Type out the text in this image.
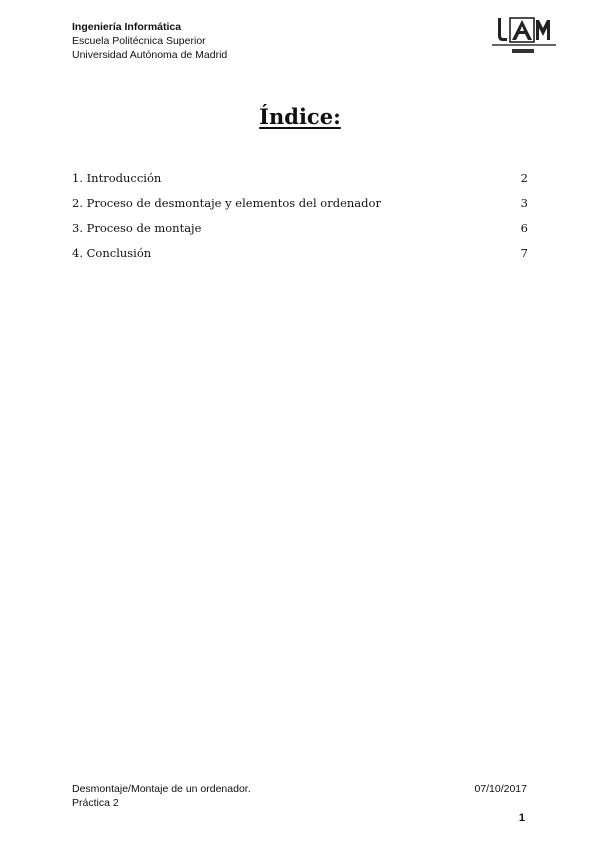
Ingeniería Informática
Escuela Politécnica Superior
Universidad Autónoma de Madrid
Índice:
1. Introducción	2
2. Proceso de desmontaje y elementos del ordenador	3
3. Proceso de montaje	6
4. Conclusión	7
Desmontaje/Montaje de un ordenador.
Práctica 2
07/10/2017
1
